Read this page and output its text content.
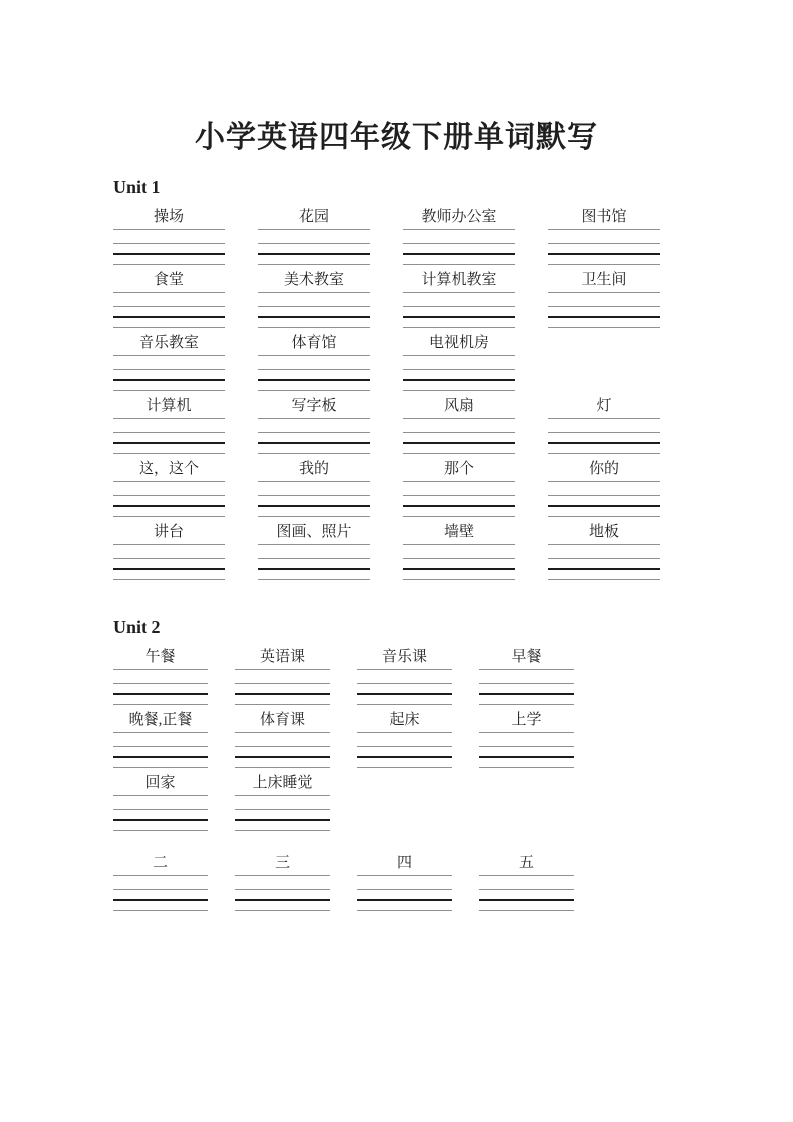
小学英语四年级下册单词默写
Unit 1
操场	花园	教师办公室	图书馆
食堂	美术教室	计算机教室	卫生间
音乐教室	体育馆	电视机房
计算机	写字板	风扇	灯
这，这个	我的	那个	你的
讲台	图画、照片	墙壁	地板
Unit 2
午餐	英语课	音乐课	早餐
晚餐,正餐	体育课	起床	上学
回家	上床睡觉
二	三	四	五
